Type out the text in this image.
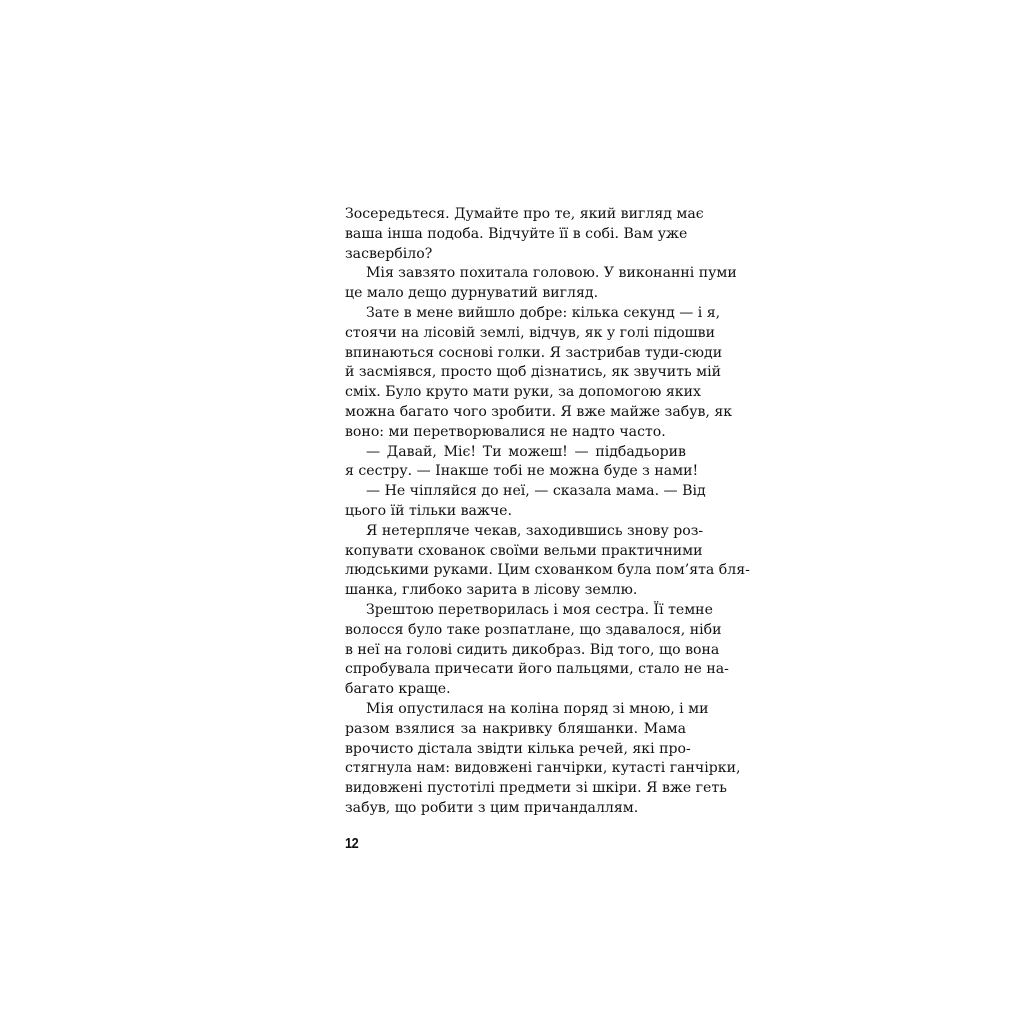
Зосередьтеся. Думайте про те, який вигляд має
ваша інша подоба. Відчуйте її в собі. Вам уже
засвербіло?
Мія завзято похитала головою. У виконанні пуми
це мало дещо дурнуватий вигляд.
Зате в мене вийшло добре: кілька секунд — і я,
стоячи на лісовій землі, відчув, як у голі підошви
впинаються соснові голки. Я застрибав туди-сюди
й засміявся, просто щоб дізнатись, як звучить мій
сміх. Було круто мати руки, за допомогою яких
можна багато чого зробити. Я вже майже забув, як
воно: ми перетворювалися не надто часто.
— Давай, Міє! Ти можеш! — підбадьорив
я сестру. — Інакше тобі не можна буде з нами!
— Не чіпляйся до неї, — сказала мама. — Від
цього їй тільки важче.
Я нетерпляче чекав, заходившись знову роз-
копувати схованок своїми вельми практичними
людськими руками. Цим схованком була пом’ята бля-
шанка, глибоко зарита в лісову землю.
Зрештою перетворилась і моя сестра. Її темне
волосся було таке розпатлане, що здавалося, ніби
в неї на голові сидить дикобраз. Від того, що вона
спробувала причесати його пальцями, стало не на-
багато краще.
Мія опустилася на коліна поряд зі мною, і ми
разом взялися за накривку бляшанки. Мама
врочисто дістала звідти кілька речей, які про-
стягнула нам: видовжені ганчірки, кутасті ганчірки,
видовжені пустотілі предмети зі шкіри. Я вже геть
забув, що робити з цим причандаллям.
12
